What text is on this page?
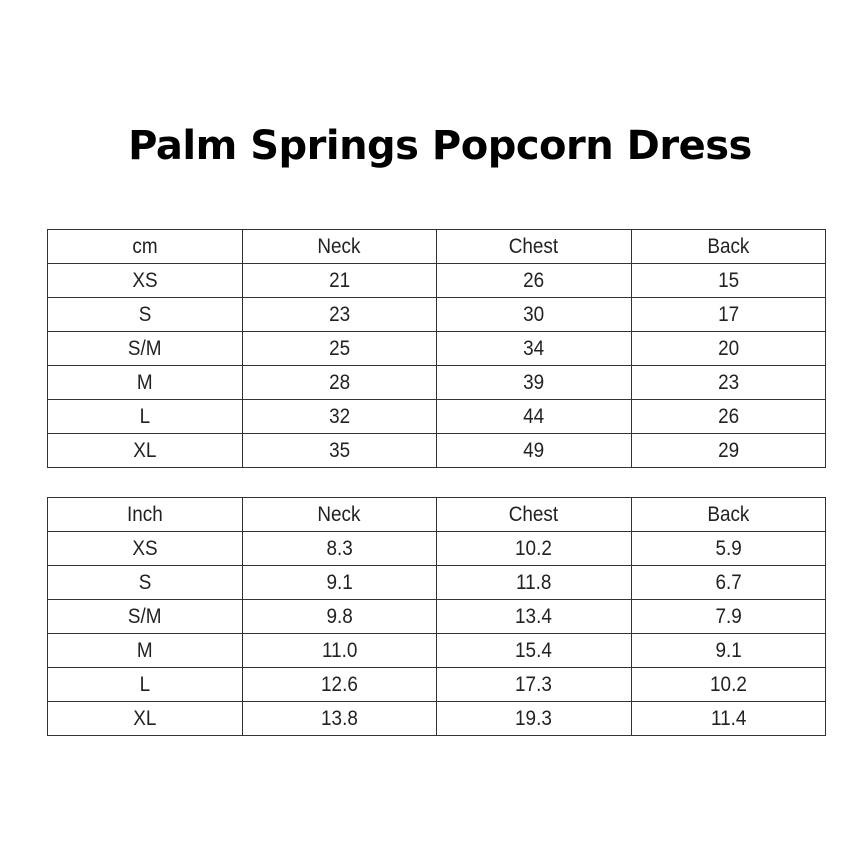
Palm Springs Popcorn Dress
cm	Neck	Chest	Back
XS	21	26	15
S	23	30	17
S/M	25	34	20
M	28	39	23
L	32	44	26
XL	35	49	29
Inch	Neck	Chest	Back
XS	8.3	10.2	5.9
S	9.1	11.8	6.7
S/M	9.8	13.4	7.9
M	11.0	15.4	9.1
L	12.6	17.3	10.2
XL	13.8	19.3	11.4
